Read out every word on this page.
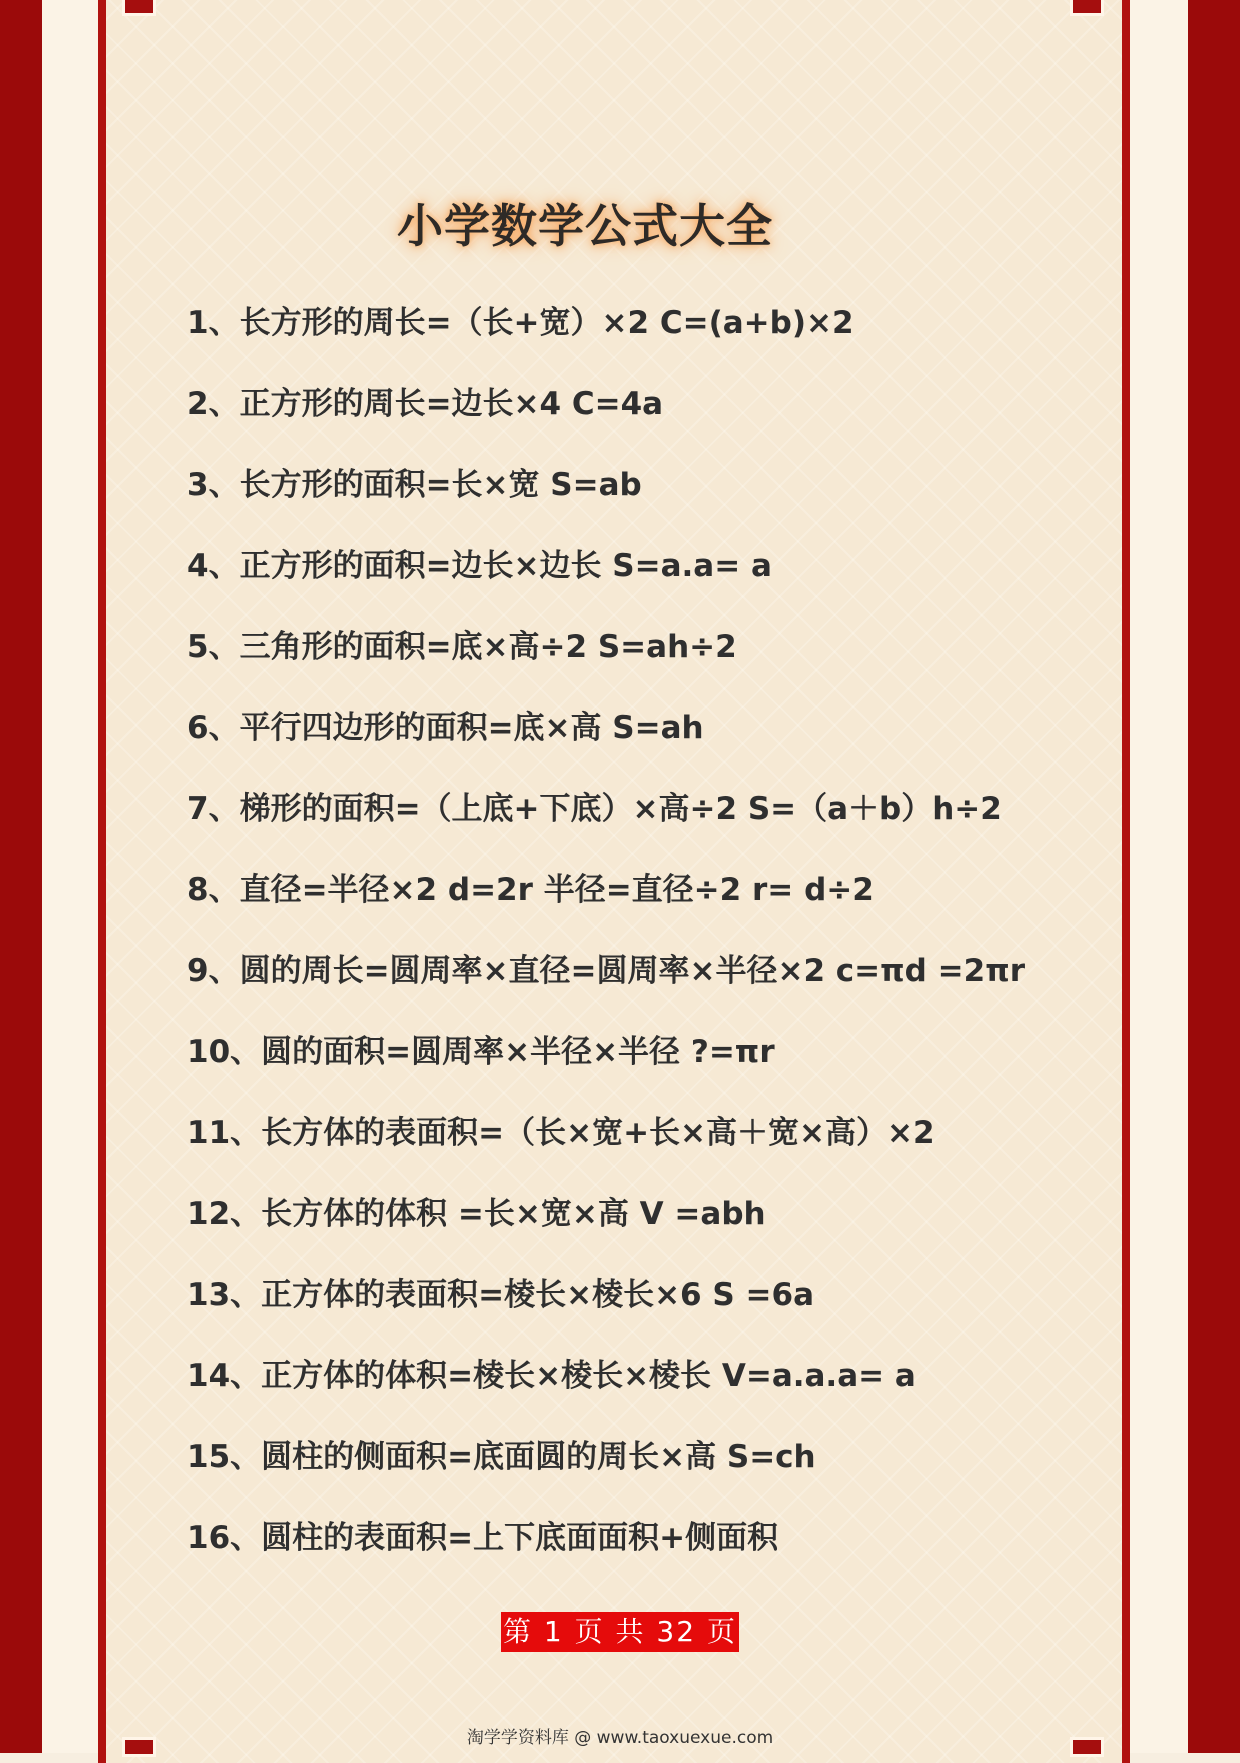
小学数学公式大全
1、长方形的周长=（长+宽）×2 C=(a+b)×2
2、正方形的周长=边长×4 C=4a
3、长方形的面积=长×宽 S=ab
4、正方形的面积=边长×边长 S=a.a= a
5、三角形的面积=底×高÷2 S=ah÷2
6、平行四边形的面积=底×高 S=ah
7、梯形的面积=（上底+下底）×高÷2 S=（a＋b）h÷2
8、直径=半径×2 d=2r 半径=直径÷2 r= d÷2
9、圆的周长=圆周率×直径=圆周率×半径×2 c=πd =2πr
10、圆的面积=圆周率×半径×半径 ?=πr
11、长方体的表面积=（长×宽+长×高＋宽×高）×2
12、长方体的体积 =长×宽×高 V =abh
13、正方体的表面积=棱长×棱长×6 S =6a
14、正方体的体积=棱长×棱长×棱长 V=a.a.a= a
15、圆柱的侧面积=底面圆的周长×高 S=ch
16、圆柱的表面积=上下底面面积+侧面积
第 1 页 共 32 页
淘学学资料库 @ www.taoxuexue.com
